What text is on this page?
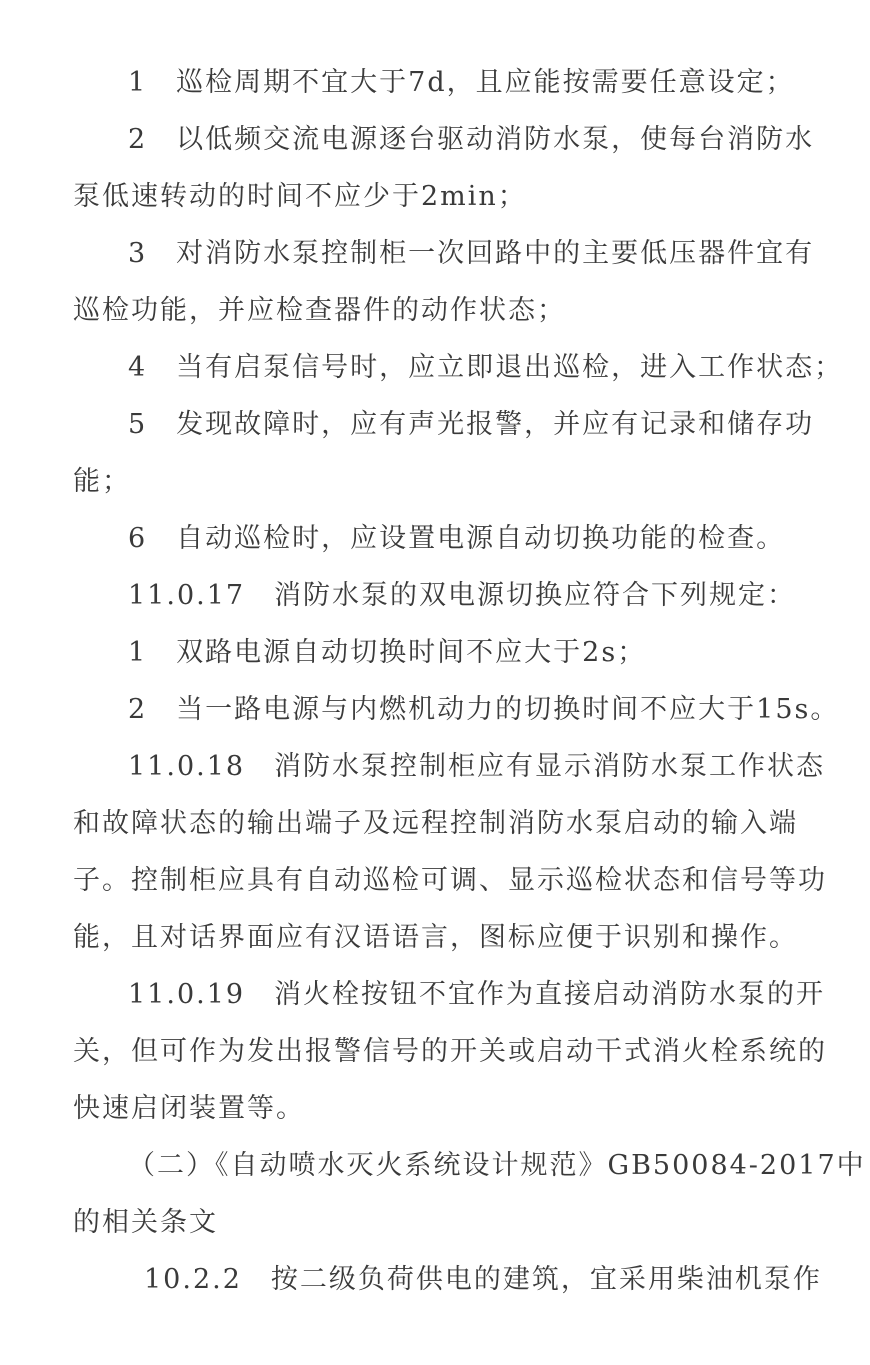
1　巡检周期不宜大于7d，且应能按需要任意设定；
2　以低频交流电源逐台驱动消防水泵，使每台消防水
泵低速转动的时间不应少于2min；
3　对消防水泵控制柜一次回路中的主要低压器件宜有
巡检功能，并应检查器件的动作状态；
4　当有启泵信号时，应立即退出巡检，进入工作状态；
5　发现故障时，应有声光报警，并应有记录和储存功
能；
6　自动巡检时，应设置电源自动切换功能的检查。
11.0.17　消防水泵的双电源切换应符合下列规定：
1　双路电源自动切换时间不应大于2s；
2　当一路电源与内燃机动力的切换时间不应大于15s。
11.0.18　消防水泵控制柜应有显示消防水泵工作状态
和故障状态的输出端子及远程控制消防水泵启动的输入端
子。控制柜应具有自动巡检可调、显示巡检状态和信号等功
能，且对话界面应有汉语语言，图标应便于识别和操作。
11.0.19　消火栓按钮不宜作为直接启动消防水泵的开
关，但可作为发出报警信号的开关或启动干式消火栓系统的
快速启闭装置等。
（二）《自动喷水灭火系统设计规范》GB50084-2017中
的相关条文
10.2.2　按二级负荷供电的建筑，宜采用柴油机泵作
